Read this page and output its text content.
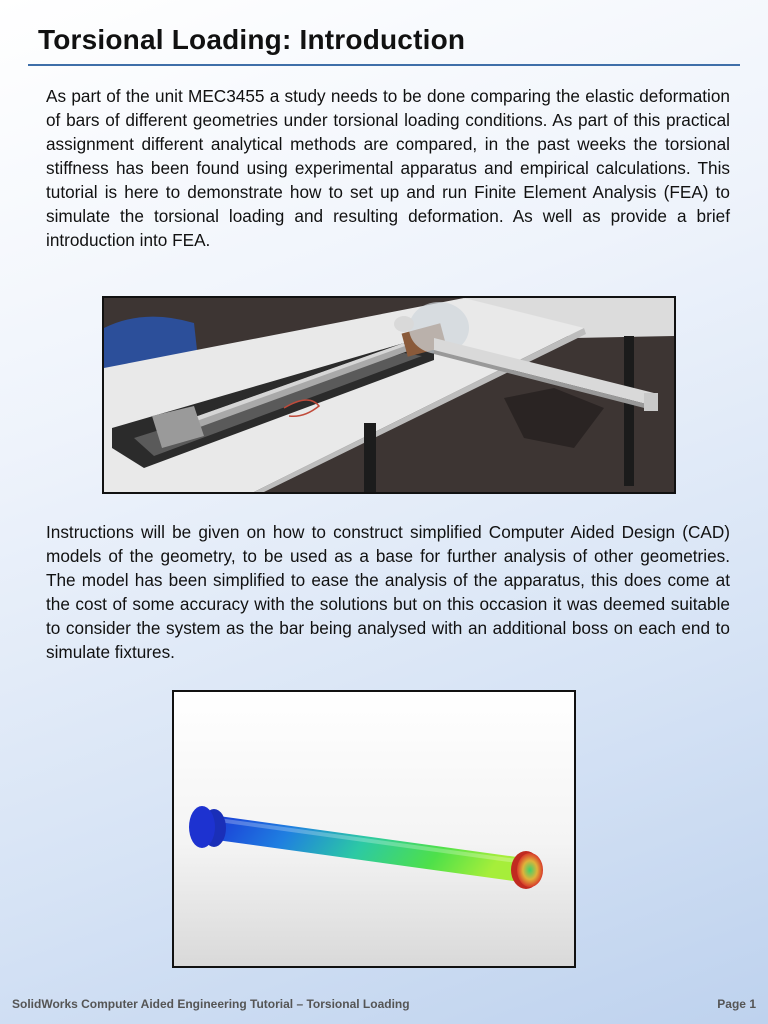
Torsional Loading: Introduction

As part of the unit MEC3455 a study needs to be done comparing the elastic deformation of bars of different geometries under torsional loading conditions. As part of this practical assignment different analytical methods are compared, in the past weeks the torsional stiffness has been found using experimental apparatus and empirical calculations. This tutorial is here to demonstrate how to set up and run Finite Element Analysis (FEA) to simulate the torsional loading and resulting deformation. As well as provide a brief introduction into FEA.

Instructions will be given on how to construct simplified Computer Aided Design (CAD) models of the geometry, to be used as a base for further analysis of other geometries. The model has been simplified to ease the analysis of the apparatus, this does come at the cost of some accuracy with the solutions but on this occasion it was deemed suitable to consider the system as the bar being analysed with an additional boss on each end to simulate fixtures.

SolidWorks Computer Aided Engineering Tutorial – Torsional Loading	Page 1
